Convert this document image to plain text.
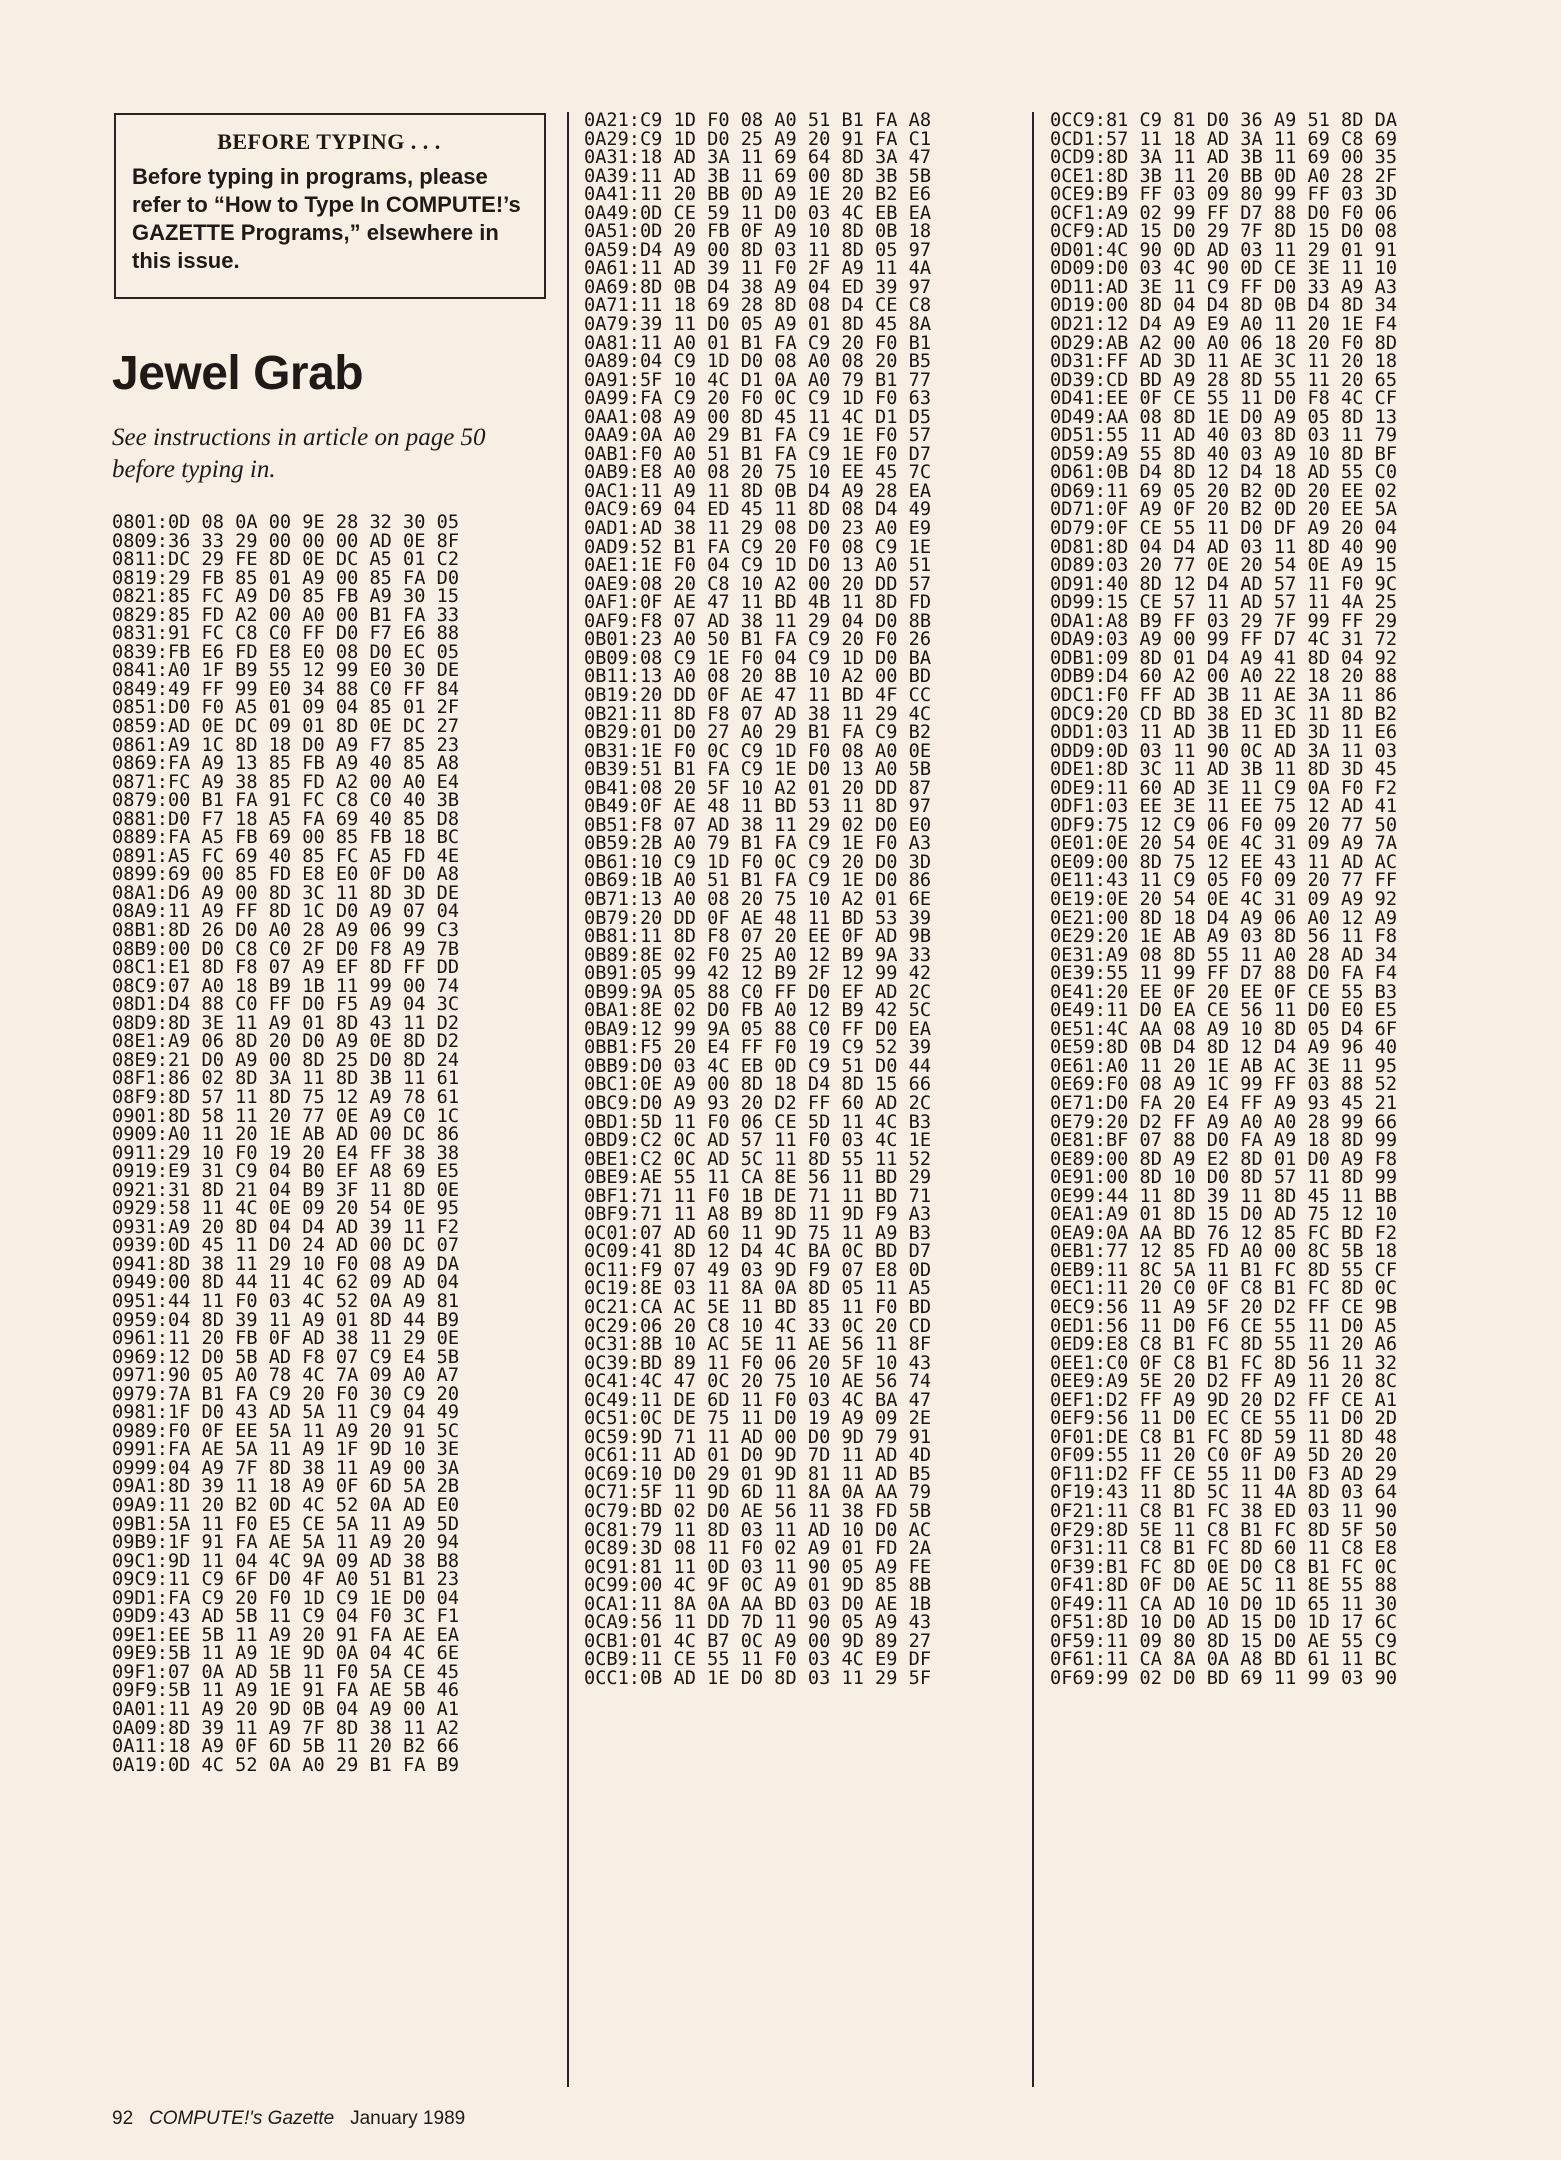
BEFORE TYPING . . .
Before typing in programs, please refer to “How to Type In COMPUTE!’s GAZETTE Programs,” elsewhere in this issue.
Jewel Grab
See instructions in article on page 50 before typing in.
0801:0D 08 0A 00 9E 28 32 30 05
0809:36 33 29 00 00 00 AD 0E 8F
0811:DC 29 FE 8D 0E DC A5 01 C2
0819:29 FB 85 01 A9 00 85 FA D0
0821:85 FC A9 D0 85 FB A9 30 15
0829:85 FD A2 00 A0 00 B1 FA 33
0831:91 FC C8 C0 FF D0 F7 E6 88
0839:FB E6 FD E8 E0 08 D0 EC 05
0841:A0 1F B9 55 12 99 E0 30 DE
0849:49 FF 99 E0 34 88 C0 FF 84
0851:D0 F0 A5 01 09 04 85 01 2F
0859:AD 0E DC 09 01 8D 0E DC 27
0861:A9 1C 8D 18 D0 A9 F7 85 23
0869:FA A9 13 85 FB A9 40 85 A8
0871:FC A9 38 85 FD A2 00 A0 E4
0879:00 B1 FA 91 FC C8 C0 40 3B
0881:D0 F7 18 A5 FA 69 40 85 D8
0889:FA A5 FB 69 00 85 FB 18 BC
0891:A5 FC 69 40 85 FC A5 FD 4E
0899:69 00 85 FD E8 E0 0F D0 A8
08A1:D6 A9 00 8D 3C 11 8D 3D DE
08A9:11 A9 FF 8D 1C D0 A9 07 04
08B1:8D 26 D0 A0 28 A9 06 99 C3
08B9:00 D0 C8 C0 2F D0 F8 A9 7B
08C1:E1 8D F8 07 A9 EF 8D FF DD
08C9:07 A0 18 B9 1B 11 99 00 74
08D1:D4 88 C0 FF D0 F5 A9 04 3C
08D9:8D 3E 11 A9 01 8D 43 11 D2
08E1:A9 06 8D 20 D0 A9 0E 8D D2
08E9:21 D0 A9 00 8D 25 D0 8D 24
08F1:86 02 8D 3A 11 8D 3B 11 61
08F9:8D 57 11 8D 75 12 A9 78 61
0901:8D 58 11 20 77 0E A9 C0 1C
0909:A0 11 20 1E AB AD 00 DC 86
0911:29 10 F0 19 20 E4 FF 38 38
0919:E9 31 C9 04 B0 EF A8 69 E5
0921:31 8D 21 04 B9 3F 11 8D 0E
0929:58 11 4C 0E 09 20 54 0E 95
0931:A9 20 8D 04 D4 AD 39 11 F2
0939:0D 45 11 D0 24 AD 00 DC 07
0941:8D 38 11 29 10 F0 08 A9 DA
0949:00 8D 44 11 4C 62 09 AD 04
0951:44 11 F0 03 4C 52 0A A9 81
0959:04 8D 39 11 A9 01 8D 44 B9
0961:11 20 FB 0F AD 38 11 29 0E
0969:12 D0 5B AD F8 07 C9 E4 5B
0971:90 05 A0 78 4C 7A 09 A0 A7
0979:7A B1 FA C9 20 F0 30 C9 20
0981:1F D0 43 AD 5A 11 C9 04 49
0989:F0 0F EE 5A 11 A9 20 91 5C
0991:FA AE 5A 11 A9 1F 9D 10 3E
0999:04 A9 7F 8D 38 11 A9 00 3A
09A1:8D 39 11 18 A9 0F 6D 5A 2B
09A9:11 20 B2 0D 4C 52 0A AD E0
09B1:5A 11 F0 E5 CE 5A 11 A9 5D
09B9:1F 91 FA AE 5A 11 A9 20 94
09C1:9D 11 04 4C 9A 09 AD 38 B8
09C9:11 C9 6F D0 4F A0 51 B1 23
09D1:FA C9 20 F0 1D C9 1E D0 04
09D9:43 AD 5B 11 C9 04 F0 3C F1
09E1:EE 5B 11 A9 20 91 FA AE EA
09E9:5B 11 A9 1E 9D 0A 04 4C 6E
09F1:07 0A AD 5B 11 F0 5A CE 45
09F9:5B 11 A9 1E 91 FA AE 5B 46
0A01:11 A9 20 9D 0B 04 A9 00 A1
0A09:8D 39 11 A9 7F 8D 38 11 A2
0A11:18 A9 0F 6D 5B 11 20 B2 66
0A19:0D 4C 52 0A A0 29 B1 FA B9
0A21:C9 1D F0 08 A0 51 B1 FA A8
0A29:C9 1D D0 25 A9 20 91 FA C1
0A31:18 AD 3A 11 69 64 8D 3A 47
0A39:11 AD 3B 11 69 00 8D 3B 5B
0A41:11 20 BB 0D A9 1E 20 B2 E6
0A49:0D CE 59 11 D0 03 4C EB EA
0A51:0D 20 FB 0F A9 10 8D 0B 18
0A59:D4 A9 00 8D 03 11 8D 05 97
0A61:11 AD 39 11 F0 2F A9 11 4A
0A69:8D 0B D4 38 A9 04 ED 39 97
0A71:11 18 69 28 8D 08 D4 CE C8
0A79:39 11 D0 05 A9 01 8D 45 8A
0A81:11 A0 01 B1 FA C9 20 F0 B1
0A89:04 C9 1D D0 08 A0 08 20 B5
0A91:5F 10 4C D1 0A A0 79 B1 77
0A99:FA C9 20 F0 0C C9 1D F0 63
0AA1:08 A9 00 8D 45 11 4C D1 D5
0AA9:0A A0 29 B1 FA C9 1E F0 57
0AB1:F0 A0 51 B1 FA C9 1E F0 D7
0AB9:E8 A0 08 20 75 10 EE 45 7C
0AC1:11 A9 11 8D 0B D4 A9 28 EA
0AC9:69 04 ED 45 11 8D 08 D4 49
0AD1:AD 38 11 29 08 D0 23 A0 E9
0AD9:52 B1 FA C9 20 F0 08 C9 1E
0AE1:1E F0 04 C9 1D D0 13 A0 51
0AE9:08 20 C8 10 A2 00 20 DD 57
0AF1:0F AE 47 11 BD 4B 11 8D FD
0AF9:F8 07 AD 38 11 29 04 D0 8B
0B01:23 A0 50 B1 FA C9 20 F0 26
0B09:08 C9 1E F0 04 C9 1D D0 BA
0B11:13 A0 08 20 8B 10 A2 00 BD
0B19:20 DD 0F AE 47 11 BD 4F CC
0B21:11 8D F8 07 AD 38 11 29 4C
0B29:01 D0 27 A0 29 B1 FA C9 B2
0B31:1E F0 0C C9 1D F0 08 A0 0E
0B39:51 B1 FA C9 1E D0 13 A0 5B
0B41:08 20 5F 10 A2 01 20 DD 87
0B49:0F AE 48 11 BD 53 11 8D 97
0B51:F8 07 AD 38 11 29 02 D0 E0
0B59:2B A0 79 B1 FA C9 1E F0 A3
0B61:10 C9 1D F0 0C C9 20 D0 3D
0B69:1B A0 51 B1 FA C9 1E D0 86
0B71:13 A0 08 20 75 10 A2 01 6E
0B79:20 DD 0F AE 48 11 BD 53 39
0B81:11 8D F8 07 20 EE 0F AD 9B
0B89:8E 02 F0 25 A0 12 B9 9A 33
0B91:05 99 42 12 B9 2F 12 99 42
0B99:9A 05 88 C0 FF D0 EF AD 2C
0BA1:8E 02 D0 FB A0 12 B9 42 5C
0BA9:12 99 9A 05 88 C0 FF D0 EA
0BB1:F5 20 E4 FF F0 19 C9 52 39
0BB9:D0 03 4C EB 0D C9 51 D0 44
0BC1:0E A9 00 8D 18 D4 8D 15 66
0BC9:D0 A9 93 20 D2 FF 60 AD 2C
0BD1:5D 11 F0 06 CE 5D 11 4C B3
0BD9:C2 0C AD 57 11 F0 03 4C 1E
0BE1:C2 0C AD 5C 11 8D 55 11 52
0BE9:AE 55 11 CA 8E 56 11 BD 29
0BF1:71 11 F0 1B DE 71 11 BD 71
0BF9:71 11 A8 B9 8D 11 9D F9 A3
0C01:07 AD 60 11 9D 75 11 A9 B3
0C09:41 8D 12 D4 4C BA 0C BD D7
0C11:F9 07 49 03 9D F9 07 E8 0D
0C19:8E 03 11 8A 0A 8D 05 11 A5
0C21:CA AC 5E 11 BD 85 11 F0 BD
0C29:06 20 C8 10 4C 33 0C 20 CD
0C31:8B 10 AC 5E 11 AE 56 11 8F
0C39:BD 89 11 F0 06 20 5F 10 43
0C41:4C 47 0C 20 75 10 AE 56 74
0C49:11 DE 6D 11 F0 03 4C BA 47
0C51:0C DE 75 11 D0 19 A9 09 2E
0C59:9D 71 11 AD 00 D0 9D 79 91
0C61:11 AD 01 D0 9D 7D 11 AD 4D
0C69:10 D0 29 01 9D 81 11 AD B5
0C71:5F 11 9D 6D 11 8A 0A AA 79
0C79:BD 02 D0 AE 56 11 38 FD 5B
0C81:79 11 8D 03 11 AD 10 D0 AC
0C89:3D 08 11 F0 02 A9 01 FD 2A
0C91:81 11 0D 03 11 90 05 A9 FE
0C99:00 4C 9F 0C A9 01 9D 85 8B
0CA1:11 8A 0A AA BD 03 D0 AE 1B
0CA9:56 11 DD 7D 11 90 05 A9 43
0CB1:01 4C B7 0C A9 00 9D 89 27
0CB9:11 CE 55 11 F0 03 4C E9 DF
0CC1:0B AD 1E D0 8D 03 11 29 5F
0CC9:81 C9 81 D0 36 A9 51 8D DA
0CD1:57 11 18 AD 3A 11 69 C8 69
0CD9:8D 3A 11 AD 3B 11 69 00 35
0CE1:8D 3B 11 20 BB 0D A0 28 2F
0CE9:B9 FF 03 09 80 99 FF 03 3D
0CF1:A9 02 99 FF D7 88 D0 F0 06
0CF9:AD 15 D0 29 7F 8D 15 D0 08
0D01:4C 90 0D AD 03 11 29 01 91
0D09:D0 03 4C 90 0D CE 3E 11 10
0D11:AD 3E 11 C9 FF D0 33 A9 A3
0D19:00 8D 04 D4 8D 0B D4 8D 34
0D21:12 D4 A9 E9 A0 11 20 1E F4
0D29:AB A2 00 A0 06 18 20 F0 8D
0D31:FF AD 3D 11 AE 3C 11 20 18
0D39:CD BD A9 28 8D 55 11 20 65
0D41:EE 0F CE 55 11 D0 F8 4C CF
0D49:AA 08 8D 1E D0 A9 05 8D 13
0D51:55 11 AD 40 03 8D 03 11 79
0D59:A9 55 8D 40 03 A9 10 8D BF
0D61:0B D4 8D 12 D4 18 AD 55 C0
0D69:11 69 05 20 B2 0D 20 EE 02
0D71:0F A9 0F 20 B2 0D 20 EE 5A
0D79:0F CE 55 11 D0 DF A9 20 04
0D81:8D 04 D4 AD 03 11 8D 40 90
0D89:03 20 77 0E 20 54 0E A9 15
0D91:40 8D 12 D4 AD 57 11 F0 9C
0D99:15 CE 57 11 AD 57 11 4A 25
0DA1:A8 B9 FF 03 29 7F 99 FF 29
0DA9:03 A9 00 99 FF D7 4C 31 72
0DB1:09 8D 01 D4 A9 41 8D 04 92
0DB9:D4 60 A2 00 A0 22 18 20 88
0DC1:F0 FF AD 3B 11 AE 3A 11 86
0DC9:20 CD BD 38 ED 3C 11 8D B2
0DD1:03 11 AD 3B 11 ED 3D 11 E6
0DD9:0D 03 11 90 0C AD 3A 11 03
0DE1:8D 3C 11 AD 3B 11 8D 3D 45
0DE9:11 60 AD 3E 11 C9 0A F0 F2
0DF1:03 EE 3E 11 EE 75 12 AD 41
0DF9:75 12 C9 06 F0 09 20 77 50
0E01:0E 20 54 0E 4C 31 09 A9 7A
0E09:00 8D 75 12 EE 43 11 AD AC
0E11:43 11 C9 05 F0 09 20 77 FF
0E19:0E 20 54 0E 4C 31 09 A9 92
0E21:00 8D 18 D4 A9 06 A0 12 A9
0E29:20 1E AB A9 03 8D 56 11 F8
0E31:A9 08 8D 55 11 A0 28 AD 34
0E39:55 11 99 FF D7 88 D0 FA F4
0E41:20 EE 0F 20 EE 0F CE 55 B3
0E49:11 D0 EA CE 56 11 D0 E0 E5
0E51:4C AA 08 A9 10 8D 05 D4 6F
0E59:8D 0B D4 8D 12 D4 A9 96 40
0E61:A0 11 20 1E AB AC 3E 11 95
0E69:F0 08 A9 1C 99 FF 03 88 52
0E71:D0 FA 20 E4 FF A9 93 45 21
0E79:20 D2 FF A9 A0 A0 28 99 66
0E81:BF 07 88 D0 FA A9 18 8D 99
0E89:00 8D A9 E2 8D 01 D0 A9 F8
0E91:00 8D 10 D0 8D 57 11 8D 99
0E99:44 11 8D 39 11 8D 45 11 BB
0EA1:A9 01 8D 15 D0 AD 75 12 10
0EA9:0A AA BD 76 12 85 FC BD F2
0EB1:77 12 85 FD A0 00 8C 5B 18
0EB9:11 8C 5A 11 B1 FC 8D 55 CF
0EC1:11 20 C0 0F C8 B1 FC 8D 0C
0EC9:56 11 A9 5F 20 D2 FF CE 9B
0ED1:56 11 D0 F6 CE 55 11 D0 A5
0ED9:E8 C8 B1 FC 8D 55 11 20 A6
0EE1:C0 0F C8 B1 FC 8D 56 11 32
0EE9:A9 5E 20 D2 FF A9 11 20 8C
0EF1:D2 FF A9 9D 20 D2 FF CE A1
0EF9:56 11 D0 EC CE 55 11 D0 2D
0F01:DE C8 B1 FC 8D 59 11 8D 48
0F09:55 11 20 C0 0F A9 5D 20 20
0F11:D2 FF CE 55 11 D0 F3 AD 29
0F19:43 11 8D 5C 11 4A 8D 03 64
0F21:11 C8 B1 FC 38 ED 03 11 90
0F29:8D 5E 11 C8 B1 FC 8D 5F 50
0F31:11 C8 B1 FC 8D 60 11 C8 E8
0F39:B1 FC 8D 0E D0 C8 B1 FC 0C
0F41:8D 0F D0 AE 5C 11 8E 55 88
0F49:11 CA AD 10 D0 1D 65 11 30
0F51:8D 10 D0 AD 15 D0 1D 17 6C
0F59:11 09 80 8D 15 D0 AE 55 C9
0F61:11 CA 8A 0A A8 BD 61 11 BC
0F69:99 02 D0 BD 69 11 99 03 90
92 COMPUTE!'s Gazette January 1989
